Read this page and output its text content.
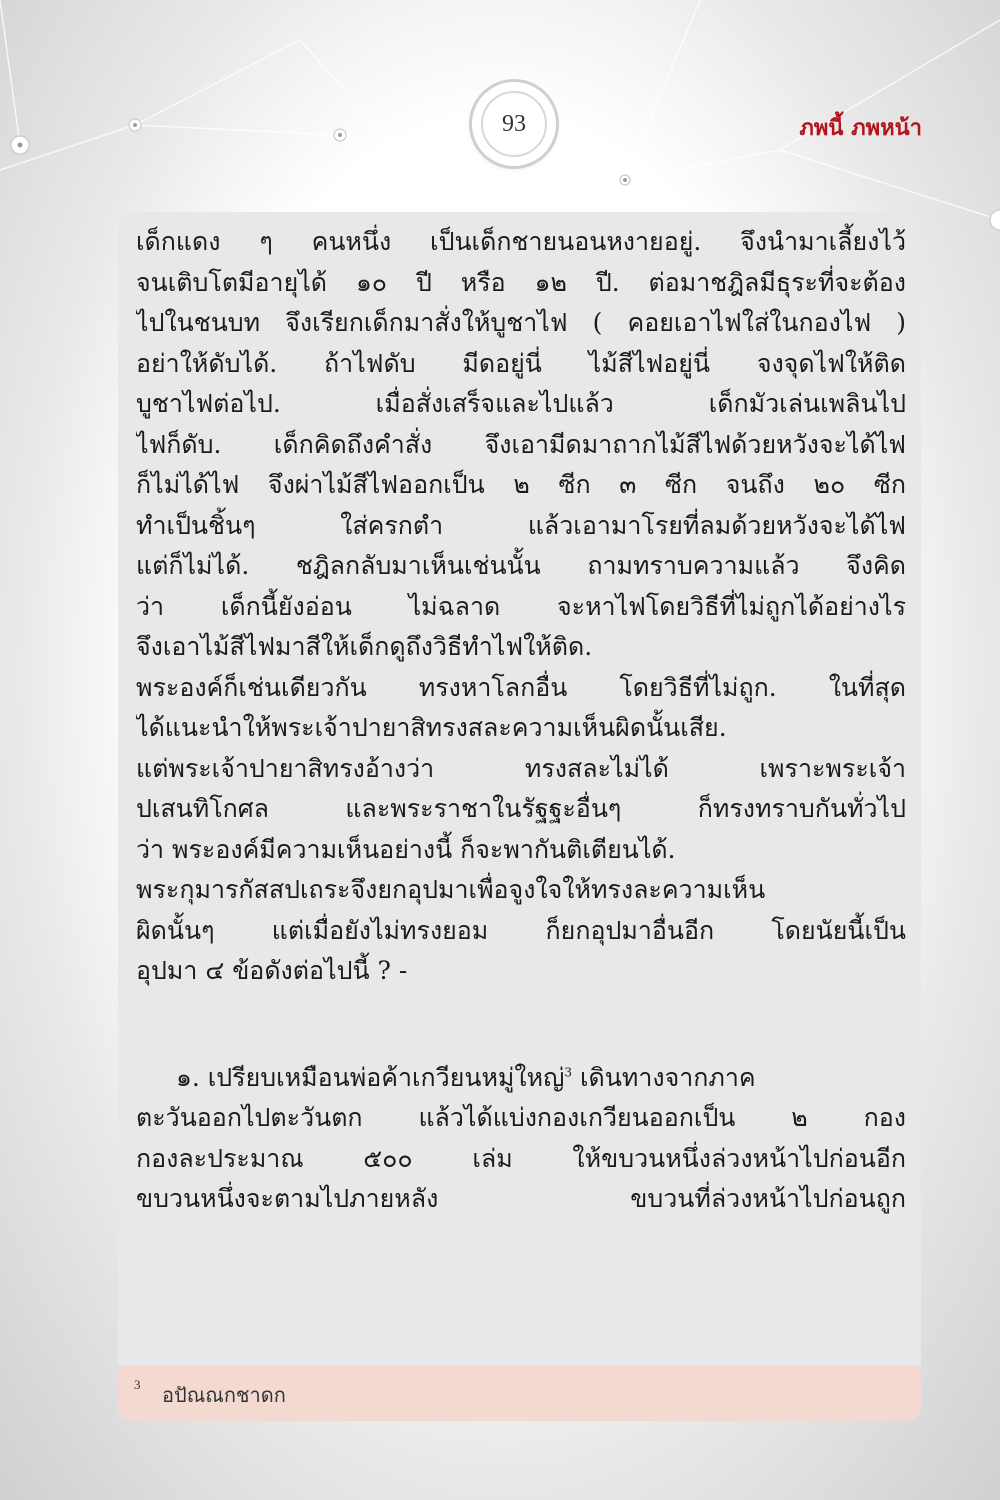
93	ภพนี้ ภพหน้า
เด็กแดง ๆ คนหนึ่ง เป็นเด็กชายนอนหงายอยู่. จึงนำมาเลี้ยงไว้
จนเติบโตมีอายุได้ ๑๐ ปี หรือ ๑๒ ปี. ต่อมาชฎิลมีธุระที่จะต้อง
ไปในชนบท จึงเรียกเด็กมาสั่งให้บูชาไฟ ( คอยเอาไฟใส่ในกองไฟ )
อย่าให้ดับได้. ถ้าไฟดับ มีดอยู่นี่ ไม้สีไฟอยู่นี่ จงจุดไฟให้ติด
บูชาไฟต่อไป. เมื่อสั่งเสร็จและไปแล้ว เด็กมัวเล่นเพลินไป
ไฟก็ดับ. เด็กคิดถึงคำสั่ง จึงเอามีดมาถากไม้สีไฟด้วยหวังจะได้ไฟ
ก็ไม่ได้ไฟ จึงผ่าไม้สีไฟออกเป็น ๒ ซีก ๓ ซีก จนถึง ๒๐ ซีก
ทำเป็นชิ้นๆ ใส่ครกตำ แล้วเอามาโรยที่ลมด้วยหวังจะได้ไฟ
แต่ก็ไม่ได้. ชฎิลกลับมาเห็นเช่นนั้น ถามทราบความแล้ว จึงคิด
ว่า เด็กนี้ยังอ่อน ไม่ฉลาด จะหาไฟโดยวิธีที่ไม่ถูกได้อย่างไร
จึงเอาไม้สีไฟมาสีให้เด็กดูถึงวิธีทำไฟให้ติด.
พระองค์ก็เช่นเดียวกัน ทรงหาโลกอื่น โดยวิธีที่ไม่ถูก. ในที่สุด
ได้แนะนำให้พระเจ้าปายาสิทรงสละความเห็นผิดนั้นเสีย.
แต่พระเจ้าปายาสิทรงอ้างว่า ทรงสละไม่ได้ เพราะพระเจ้า
ปเสนทิโกศล และพระราชาในรัฐฐะอื่นๆ ก็ทรงทราบกันทั่วไป
ว่า พระองค์มีความเห็นอย่างนี้ ก็จะพากันติเตียนได้.
พระกุมารกัสสปเถระจึงยกอุปมาเพื่อจูงใจให้ทรงละความเห็น
ผิดนั้นๆ แต่เมื่อยังไม่ทรงยอม ก็ยกอุปมาอื่นอีก โดยนัยนี้เป็น
อุปมา ๔ ข้อดังต่อไปนี้ ? -
๑. เปรียบเหมือนพ่อค้าเกวียนหมู่ใหญ่$^3$ เดินทางจากภาค
ตะวันออกไปตะวันตก แล้วได้แบ่งกองเกวียนออกเป็น ๒ กอง
กองละประมาณ ๕๐๐ เล่ม ให้ขบวนหนึ่งล่วงหน้าไปก่อนอีก
ขบวนหนึ่งจะตามไปภายหลัง ขบวนที่ล่วงหน้าไปก่อนถูก
3 อปัณณกชาดก
